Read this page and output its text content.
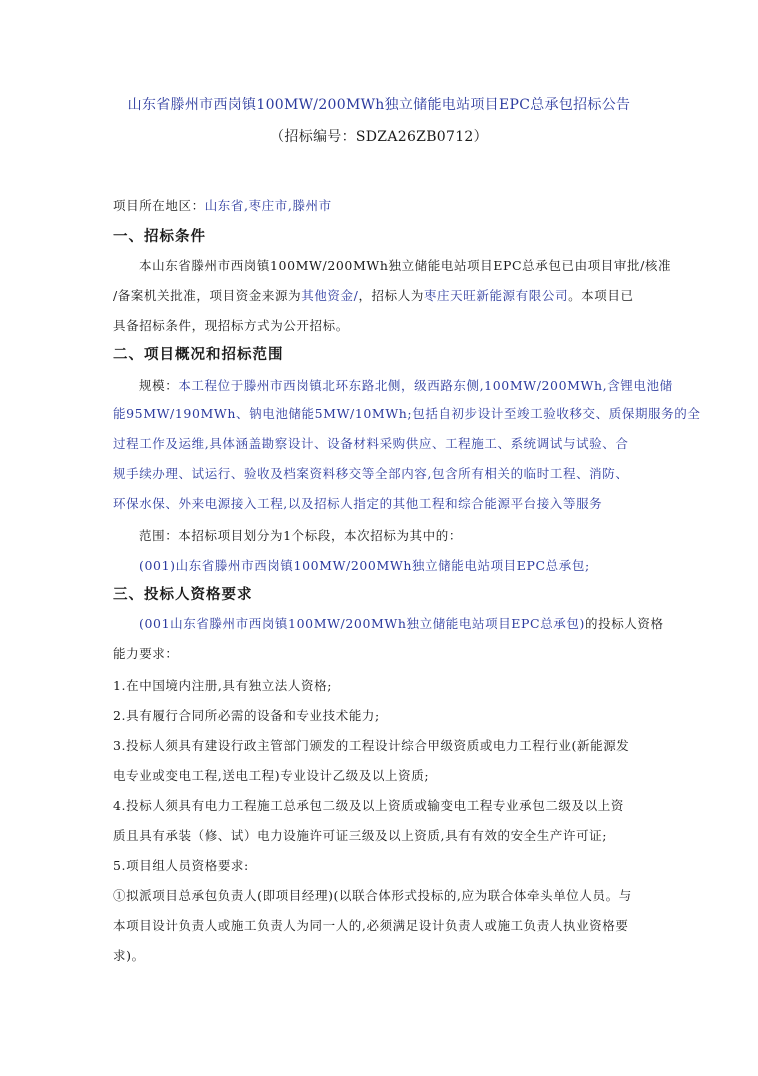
山东省滕州市西岗镇100MW/200MWh独立储能电站项目EPC总承包招标公告
（招标编号：SDZA26ZB0712）
项目所在地区：山东省,枣庄市,滕州市
一、招标条件
本山东省滕州市西岗镇100MW/200MWh独立储能电站项目EPC总承包已由项目审批/核准
/备案机关批准，项目资金来源为其他资金/，招标人为枣庄天旺新能源有限公司。本项目已
具备招标条件，现招标方式为公开招标。
二、项目概况和招标范围
规模：本工程位于滕州市西岗镇北环东路北侧，级西路东侧,100MW/200MWh,含锂电池储
能95MW/190MWh、钠电池储能5MW/10MWh;包括自初步设计至竣工验收移交、质保期服务的全
过程工作及运维,具体涵盖勘察设计、设备材料采购供应、工程施工、系统调试与试验、合
规手续办理、试运行、验收及档案资料移交等全部内容,包含所有相关的临时工程、消防、
环保水保、外来电源接入工程,以及招标人指定的其他工程和综合能源平台接入等服务
范围：本招标项目划分为1个标段，本次招标为其中的：
(001)山东省滕州市西岗镇100MW/200MWh独立储能电站项目EPC总承包;
三、投标人资格要求
(001山东省滕州市西岗镇100MW/200MWh独立储能电站项目EPC总承包)的投标人资格
能力要求：
1.在中国境内注册,具有独立法人资格;
2.具有履行合同所必需的设备和专业技术能力;
3.投标人须具有建设行政主管部门颁发的工程设计综合甲级资质或电力工程行业(新能源发
电专业或变电工程,送电工程)专业设计乙级及以上资质;
4.投标人须具有电力工程施工总承包二级及以上资质或输变电工程专业承包二级及以上资
质且具有承装（修、试）电力设施许可证三级及以上资质,具有有效的安全生产许可证;
5.项目组人员资格要求:
①拟派项目总承包负责人(即项目经理)(以联合体形式投标的,应为联合体牵头单位人员。与
本项目设计负责人或施工负责人为同一人的,必须满足设计负责人或施工负责人执业资格要
求)。
